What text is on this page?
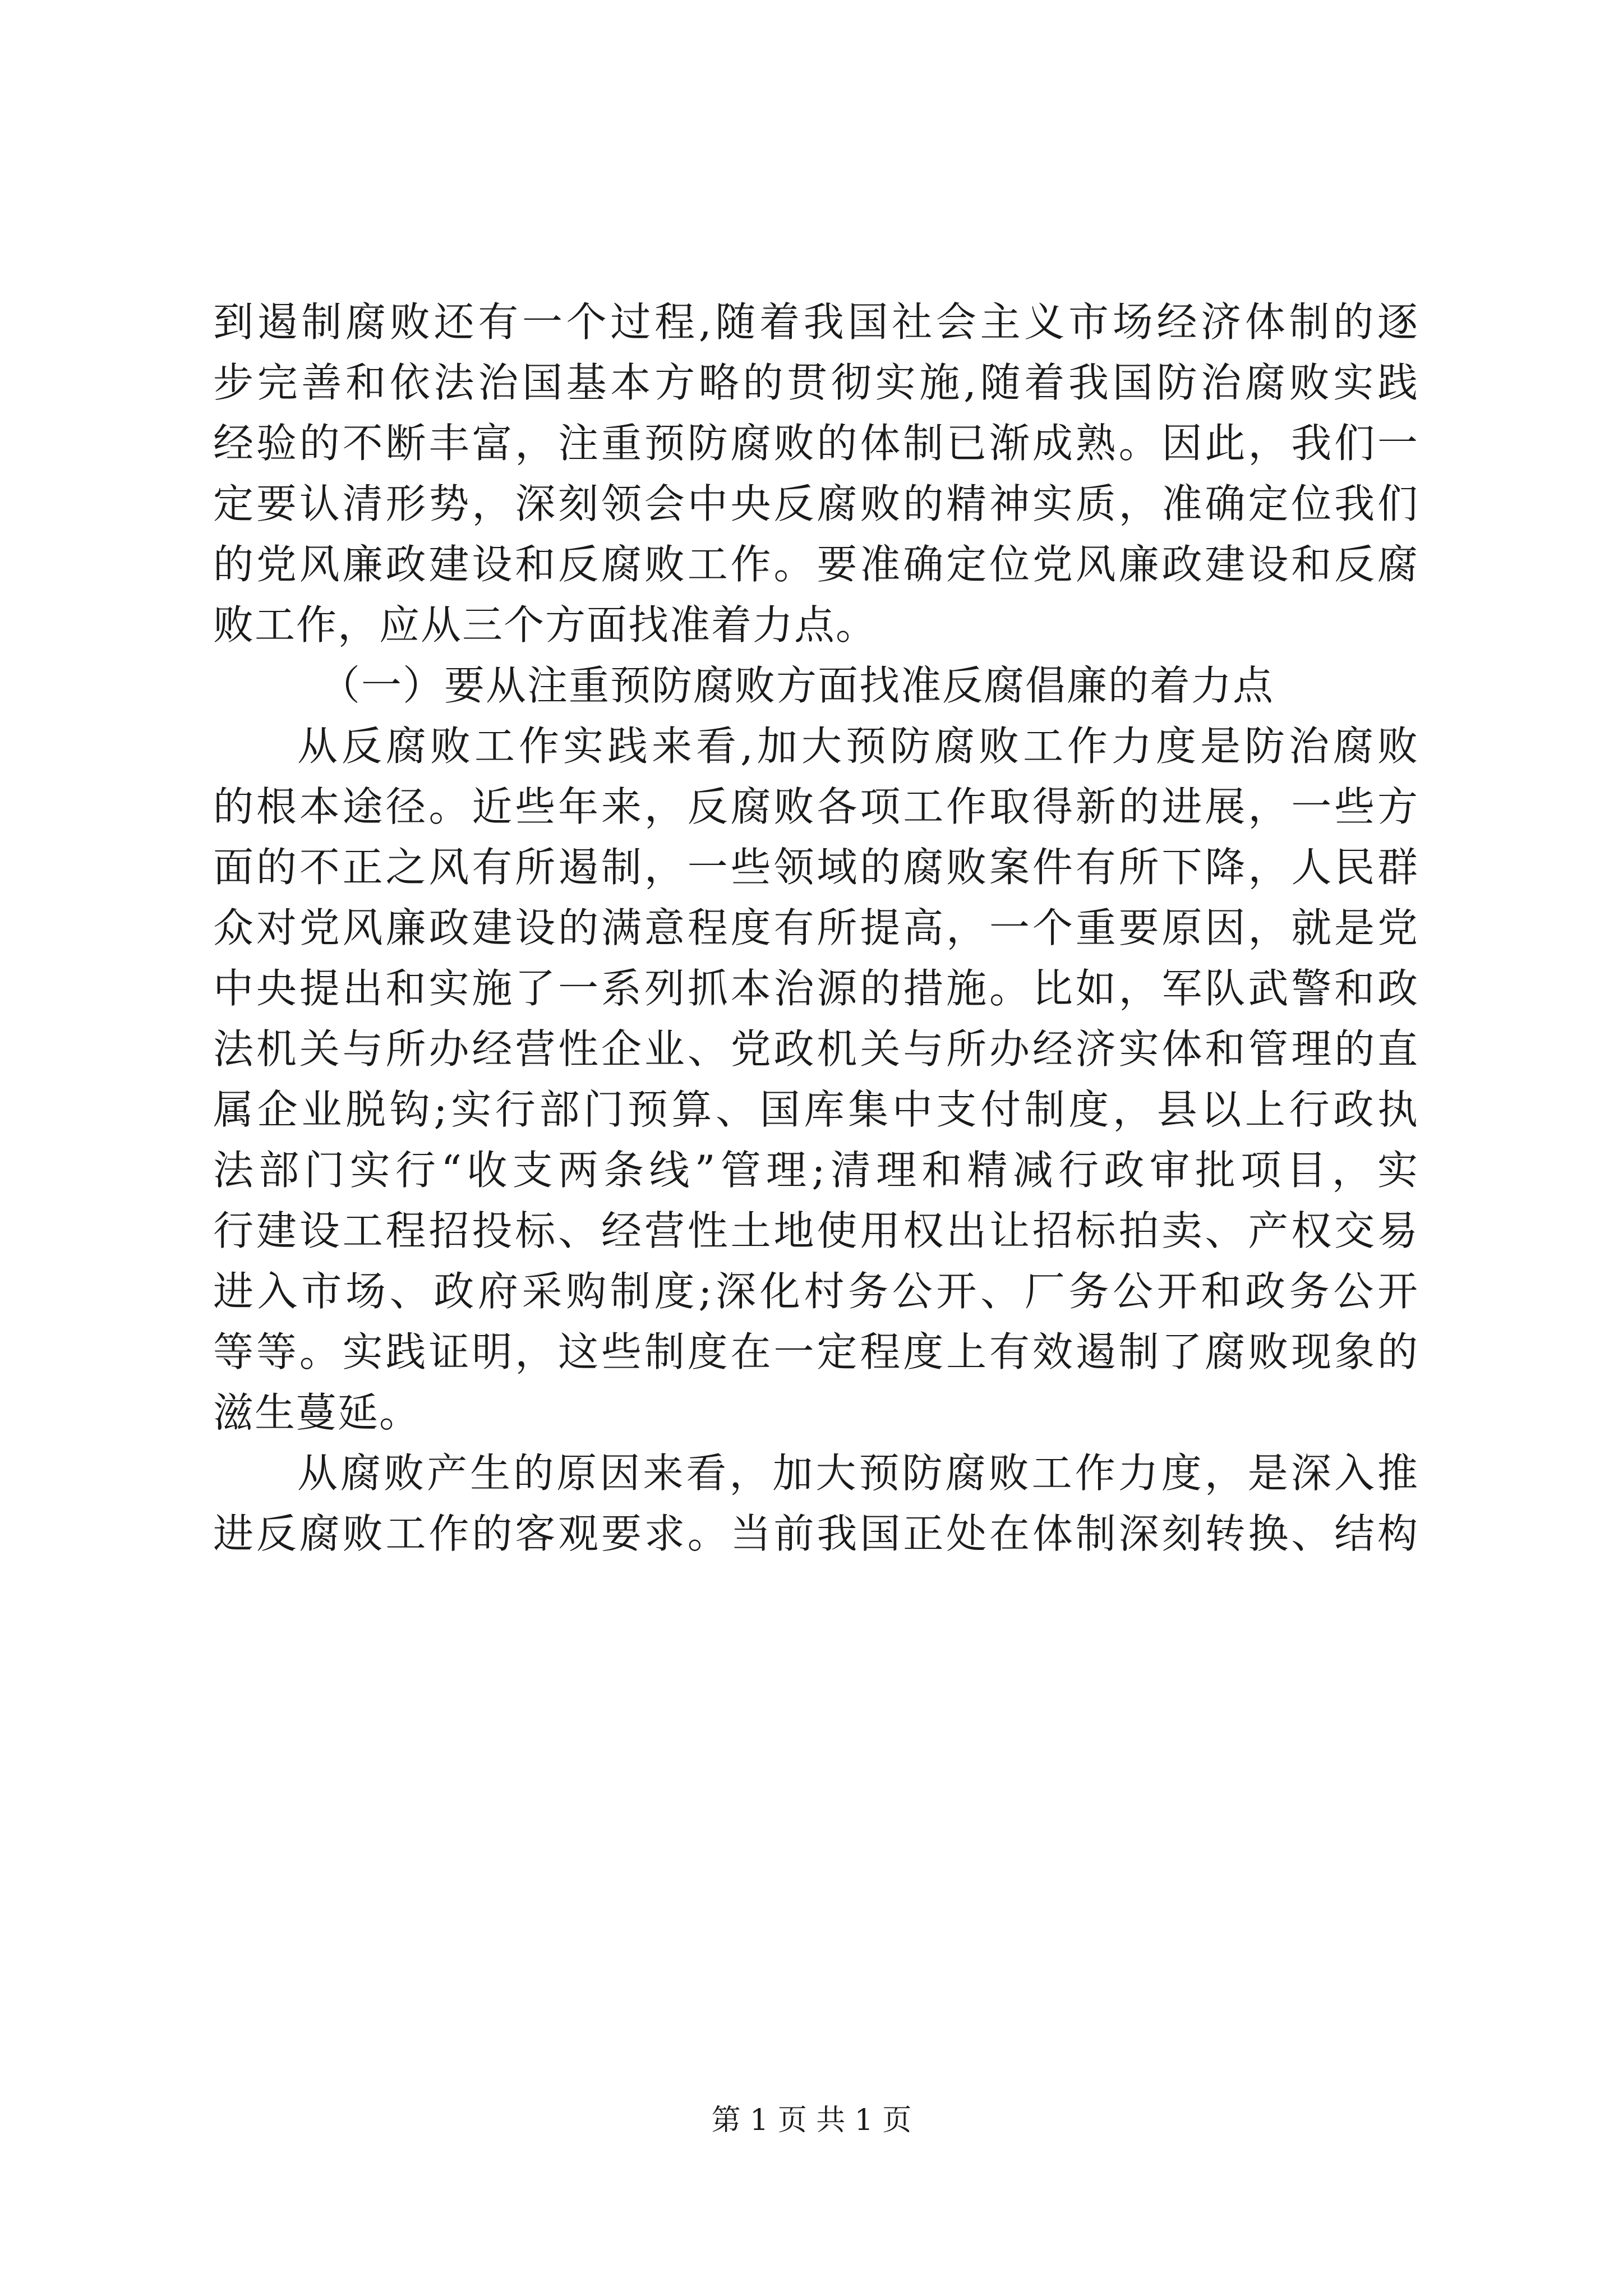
到遏制腐败还有一个过程,随着我国社会主义市场经济体制的逐
步完善和依法治国基本方略的贯彻实施,随着我国防治腐败实践
经验的不断丰富，注重预防腐败的体制已渐成熟。因此，我们一
定要认清形势，深刻领会中央反腐败的精神实质，准确定位我们
的党风廉政建设和反腐败工作。要准确定位党风廉政建设和反腐
败工作，应从三个方面找准着力点。
（一）要从注重预防腐败方面找准反腐倡廉的着力点
从反腐败工作实践来看,加大预防腐败工作力度是防治腐败
的根本途径。近些年来，反腐败各项工作取得新的进展，一些方
面的不正之风有所遏制，一些领域的腐败案件有所下降，人民群
众对党风廉政建设的满意程度有所提高，一个重要原因，就是党
中央提出和实施了一系列抓本治源的措施。比如，军队武警和政
法机关与所办经营性企业、党政机关与所办经济实体和管理的直
属企业脱钩;实行部门预算、国库集中支付制度，县以上行政执
法部门实行“收支两条线”管理;清理和精减行政审批项目，实
行建设工程招投标、经营性土地使用权出让招标拍卖、产权交易
进入市场、政府采购制度;深化村务公开、厂务公开和政务公开
等等。实践证明，这些制度在一定程度上有效遏制了腐败现象的
滋生蔓延。
从腐败产生的原因来看，加大预防腐败工作力度，是深入推
进反腐败工作的客观要求。当前我国正处在体制深刻转换、结构
第 1 页 共 1 页
